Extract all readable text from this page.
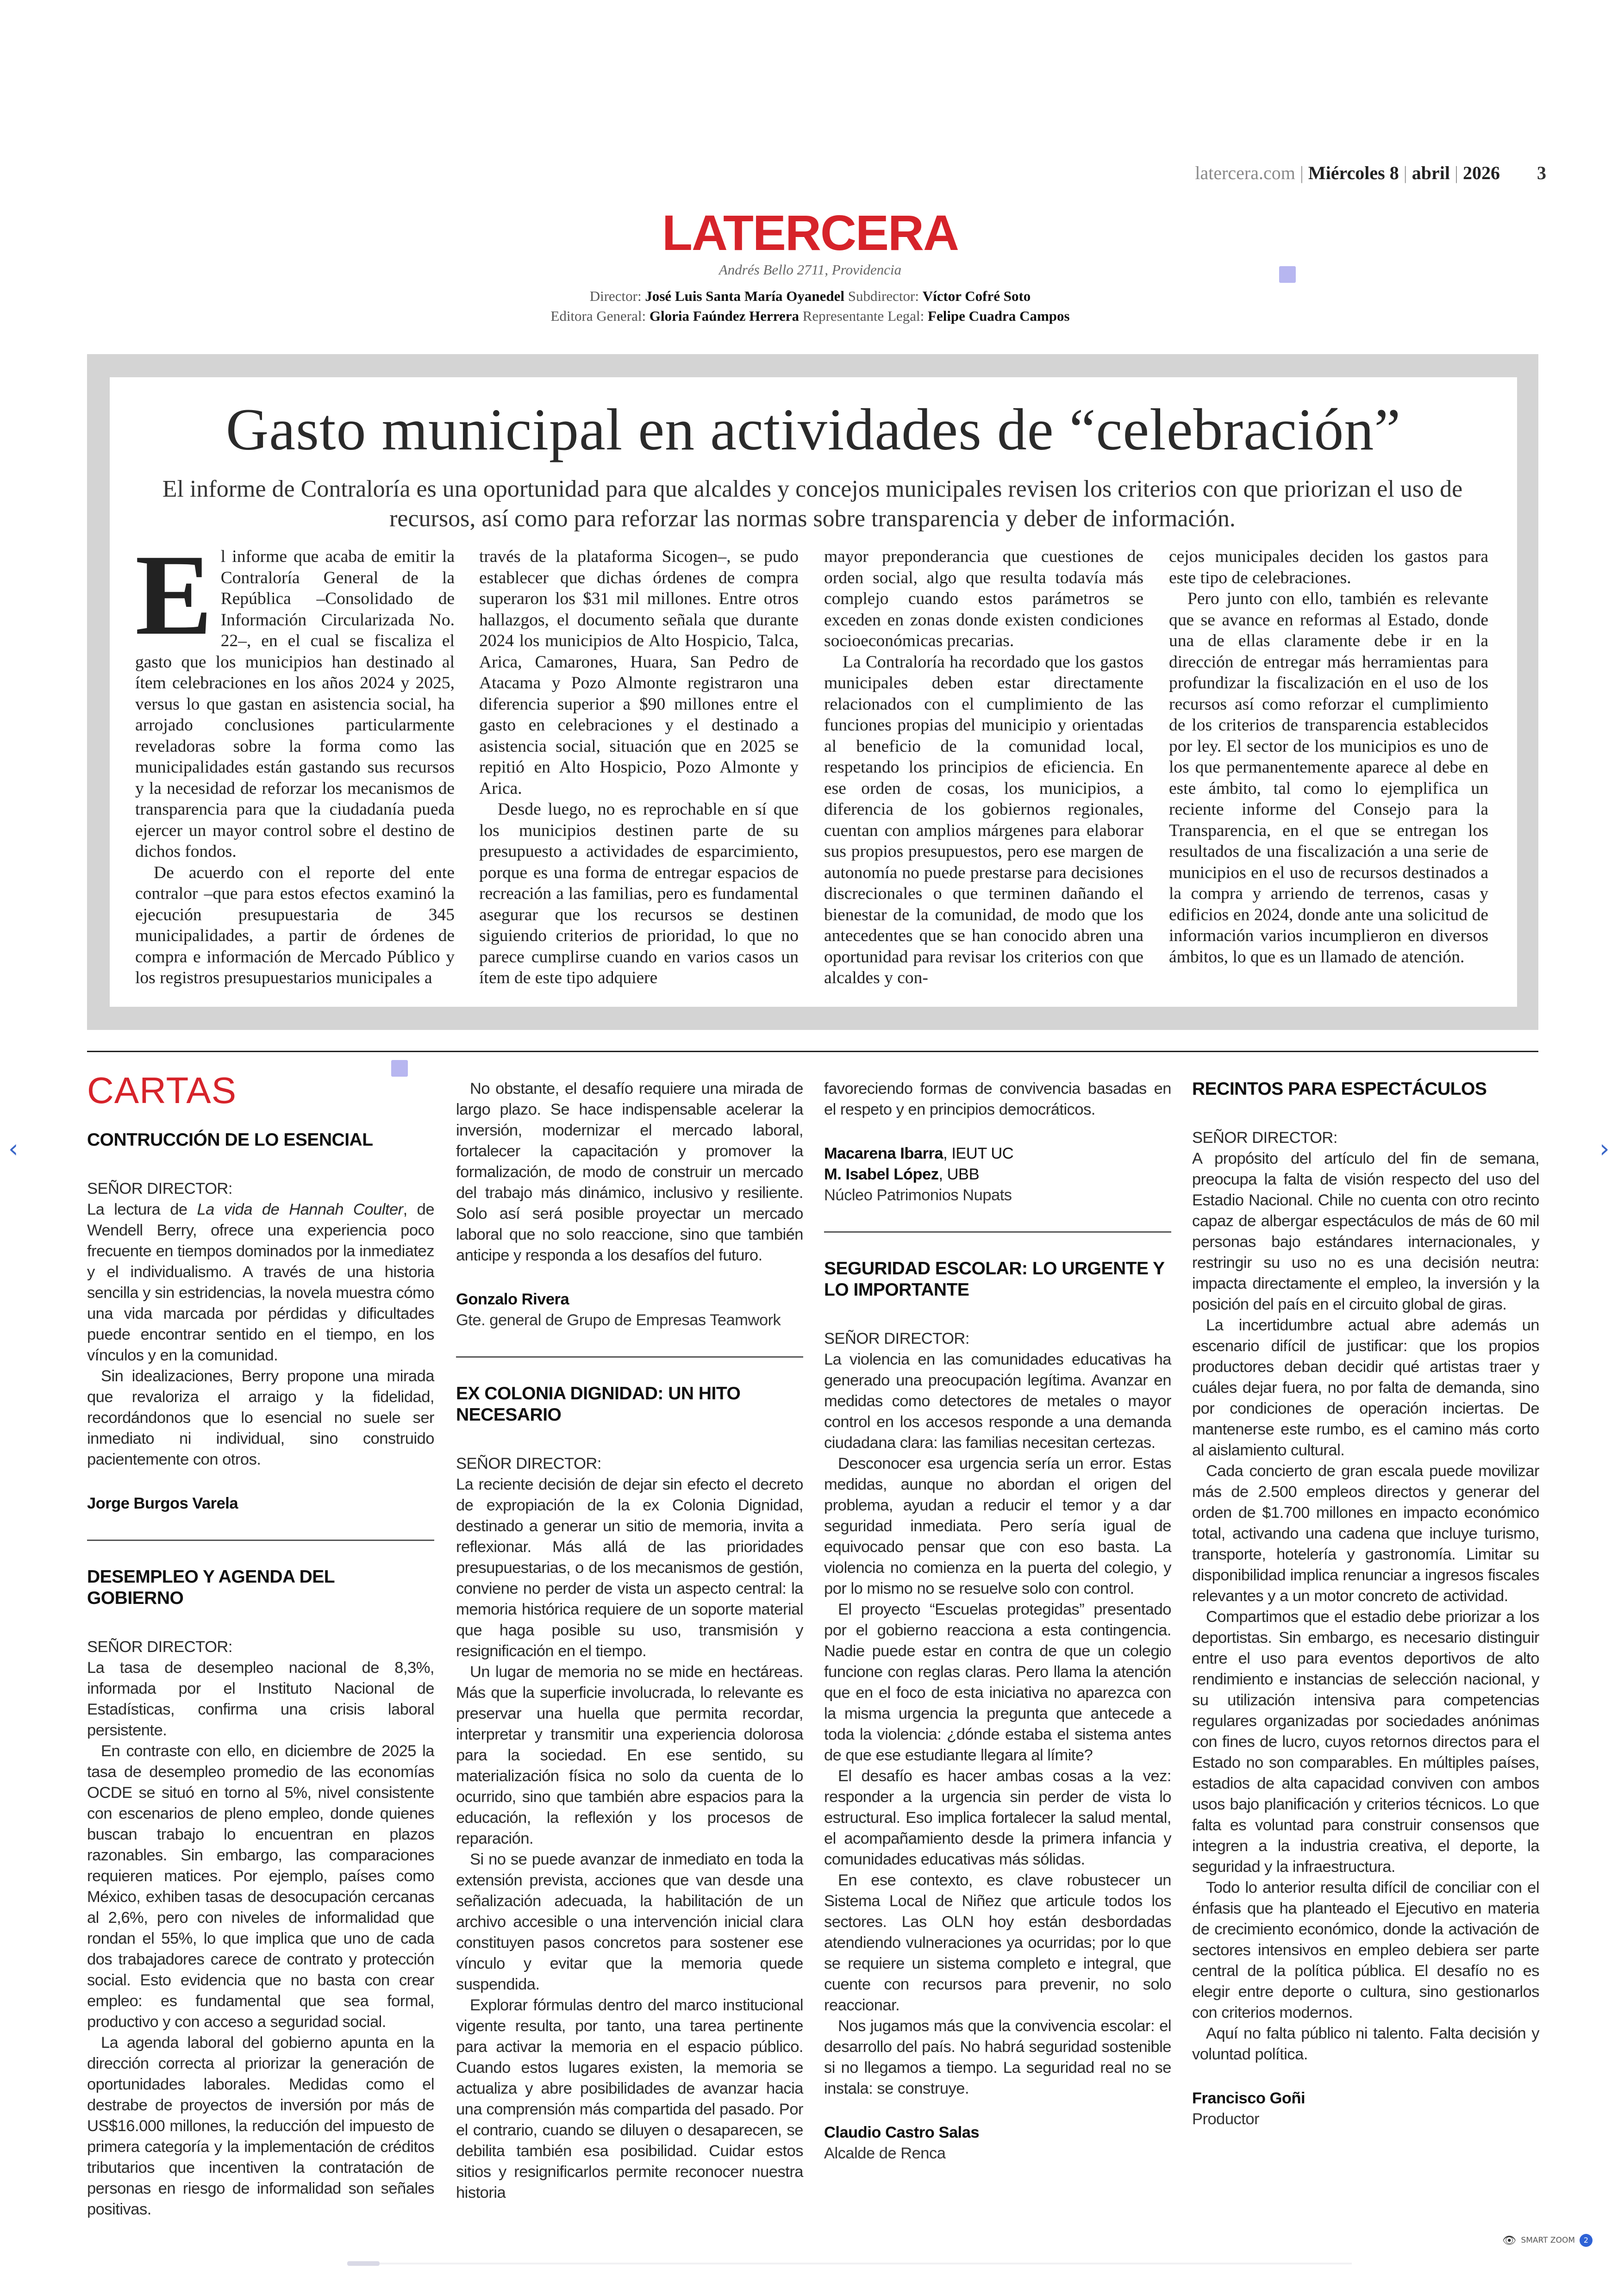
latercera.com | Miércoles 8 | abril | 2026 3
LATERCERA
Andrés Bello 2711, Providencia
Director: José Luis Santa María Oyanedel Subdirector: Víctor Cofré Soto
Editora General: Gloria Faúndez Herrera Representante Legal: Felipe Cuadra Campos
Gasto municipal en actividades de “celebración”
El informe de Contraloría es una oportunidad para que alcaldes y concejos municipales revisen los criterios con que priorizan el uso de recursos, así como para reforzar las normas sobre transparencia y deber de información.

El informe que acaba de emitir la Contraloría General de la República –Consolidado de Información Circularizada No. 22–, en el cual se fiscaliza el gasto que los municipios han destinado al ítem celebraciones en los años 2024 y 2025, versus lo que gastan en asistencia social, ha arrojado conclusiones particularmente reveladoras sobre la forma como las municipalidades están gastando sus recursos y la necesidad de reforzar los mecanismos de transparencia para que la ciudadanía pueda ejercer un mayor control sobre el destino de dichos fondos.

De acuerdo con el reporte del ente contralor –que para estos efectos examinó la ejecución presupuestaria de 345 municipalidades, a partir de órdenes de compra e información de Mercado Público y los registros presupuestarios municipales a

través de la plataforma Sicogen–, se pudo establecer que dichas órdenes de compra superaron los $31 mil millones. Entre otros hallazgos, el documento señala que durante 2024 los municipios de Alto Hospicio, Talca, Arica, Camarones, Huara, San Pedro de Atacama y Pozo Almonte registraron una diferencia superior a $90 millones entre el gasto en celebraciones y el destinado a asistencia social, situación que en 2025 se repitió en Alto Hospicio, Pozo Almonte y Arica.

Desde luego, no es reprochable en sí que los municipios destinen parte de su presupuesto a actividades de esparcimiento, porque es una forma de entregar espacios de recreación a las familias, pero es fundamental asegurar que los recursos se destinen siguiendo criterios de prioridad, lo que no parece cumplirse cuando en varios casos un ítem de este tipo adquiere

mayor preponderancia que cuestiones de orden social, algo que resulta todavía más complejo cuando estos parámetros se exceden en zonas donde existen condiciones socioeconómicas precarias.

La Contraloría ha recordado que los gastos municipales deben estar directamente relacionados con el cumplimiento de las funciones propias del municipio y orientadas al beneficio de la comunidad local, respetando los principios de eficiencia. En ese orden de cosas, los municipios, a diferencia de los gobiernos regionales, cuentan con amplios márgenes para elaborar sus propios presupuestos, pero ese margen de autonomía no puede prestarse para decisiones discrecionales o que terminen dañando el bienestar de la comunidad, de modo que los antecedentes que se han conocido abren una oportunidad para revisar los criterios con que alcaldes y con-

cejos municipales deciden los gastos para este tipo de celebraciones.

Pero junto con ello, también es relevante que se avance en reformas al Estado, donde una de ellas claramente debe ir en la dirección de entregar más herramientas para profundizar la fiscalización en el uso de los recursos así como reforzar el cumplimiento de los criterios de transparencia establecidos por ley. El sector de los municipios es uno de los que permanentemente aparece al debe en este ámbito, tal como lo ejemplifica un reciente informe del Consejo para la Transparencia, en el que se entregan los resultados de una fiscalización a una serie de municipios en el uso de recursos destinados a la compra y arriendo de terrenos, casas y edificios en 2024, donde ante una solicitud de información varios incumplieron en diversos ámbitos, lo que es un llamado de atención.

CARTAS
CONTRUCCIÓN DE LO ESENCIAL

SEÑOR DIRECTOR:

La lectura de La vida de Hannah Coulter, de Wendell Berry, ofrece una experiencia poco frecuente en tiempos dominados por la inmediatez y el individualismo. A través de una historia sencilla y sin estridencias, la novela muestra cómo una vida marcada por pérdidas y dificultades puede encontrar sentido en el tiempo, en los vínculos y en la comunidad.

Sin idealizaciones, Berry propone una mirada que revaloriza el arraigo y la fidelidad, recordándonos que lo esencial no suele ser inmediato ni individual, sino construido pacientemente con otros.

Jorge Burgos Varela

DESEMPLEO Y AGENDA DEL GOBIERNO

SEÑOR DIRECTOR:

La tasa de desempleo nacional de 8,3%, informada por el Instituto Nacional de Estadísticas, confirma una crisis laboral persistente.

En contraste con ello, en diciembre de 2025 la tasa de desempleo promedio de las economías OCDE se situó en torno al 5%, nivel consistente con escenarios de pleno empleo, donde quienes buscan trabajo lo encuentran en plazos razonables. Sin embargo, las comparaciones requieren matices. Por ejemplo, países como México, exhiben tasas de desocupación cercanas al 2,6%, pero con niveles de informalidad que rondan el 55%, lo que implica que uno de cada dos trabajadores carece de contrato y protección social. Esto evidencia que no basta con crear empleo: es fundamental que sea formal, productivo y con acceso a seguridad social.

La agenda laboral del gobierno apunta en la dirección correcta al priorizar la generación de oportunidades laborales. Medidas como el destrabe de proyectos de inversión por más de US$16.000 millones, la reducción del impuesto de primera categoría y la implementación de créditos tributarios que incentiven la contratación de personas en riesgo de informalidad son señales positivas.

No obstante, el desafío requiere una mirada de largo plazo. Se hace indispensable acelerar la inversión, modernizar el mercado laboral, fortalecer la capacitación y promover la formalización, de modo de construir un mercado del trabajo más dinámico, inclusivo y resiliente. Solo así será posible proyectar un mercado laboral que no solo reaccione, sino que también anticipe y responda a los desafíos del futuro.

Gonzalo Rivera

Gte. general de Grupo de Empresas Teamwork

EX COLONIA DIGNIDAD: UN HITO NECESARIO

SEÑOR DIRECTOR:

La reciente decisión de dejar sin efecto el decreto de expropiación de la ex Colonia Dignidad, destinado a generar un sitio de memoria, invita a reflexionar. Más allá de las prioridades presupuestarias, o de los mecanismos de gestión, conviene no perder de vista un aspecto central: la memoria histórica requiere de un soporte material que haga posible su uso, transmisión y resignificación en el tiempo.

Un lugar de memoria no se mide en hectáreas. Más que la superficie involucrada, lo relevante es preservar una huella que permita recordar, interpretar y transmitir una experiencia dolorosa para la sociedad. En ese sentido, su materialización física no solo da cuenta de lo ocurrido, sino que también abre espacios para la educación, la reflexión y los procesos de reparación.

Si no se puede avanzar de inmediato en toda la extensión prevista, acciones que van desde una señalización adecuada, la habilitación de un archivo accesible o una intervención inicial clara constituyen pasos concretos para sostener ese vínculo y evitar que la memoria quede suspendida.

Explorar fórmulas dentro del marco institucional vigente resulta, por tanto, una tarea pertinente para activar la memoria en el espacio público. Cuando estos lugares existen, la memoria se actualiza y abre posibilidades de avanzar hacia una comprensión más compartida del pasado. Por el contrario, cuando se diluyen o desaparecen, se debilita también esa posibilidad. Cuidar estos sitios y resignificarlos permite reconocer nuestra historia

favoreciendo formas de convivencia basadas en el respeto y en principios democráticos.

Macarena Ibarra, IEUT UC

M. Isabel López, UBB

Núcleo Patrimonios Nupats

SEGURIDAD ESCOLAR: LO URGENTE Y LO IMPORTANTE

SEÑOR DIRECTOR:

La violencia en las comunidades educativas ha generado una preocupación legítima. Avanzar en medidas como detectores de metales o mayor control en los accesos responde a una demanda ciudadana clara: las familias necesitan certezas.

Desconocer esa urgencia sería un error. Estas medidas, aunque no abordan el origen del problema, ayudan a reducir el temor y a dar seguridad inmediata. Pero sería igual de equivocado pensar que con eso basta. La violencia no comienza en la puerta del colegio, y por lo mismo no se resuelve solo con control.

El proyecto “Escuelas protegidas” presentado por el gobierno reacciona a esta contingencia. Nadie puede estar en contra de que un colegio funcione con reglas claras. Pero llama la atención que en el foco de esta iniciativa no aparezca con la misma urgencia la pregunta que antecede a toda la violencia: ¿dónde estaba el sistema antes de que ese estudiante llegara al límite?

El desafío es hacer ambas cosas a la vez: responder a la urgencia sin perder de vista lo estructural. Eso implica fortalecer la salud mental, el acompañamiento desde la primera infancia y comunidades educativas más sólidas.

En ese contexto, es clave robustecer un Sistema Local de Niñez que articule todos los sectores. Las OLN hoy están desbordadas atendiendo vulneraciones ya ocurridas; por lo que se requiere un sistema completo e integral, que cuente con recursos para prevenir, no solo reaccionar.

Nos jugamos más que la convivencia escolar: el desarrollo del país. No habrá seguridad sostenible si no llegamos a tiempo. La seguridad real no se instala: se construye.

Claudio Castro Salas

Alcalde de Renca

RECINTOS PARA ESPECTÁCULOS

SEÑOR DIRECTOR:

A propósito del artículo del fin de semana, preocupa la falta de visión respecto del uso del Estadio Nacional. Chile no cuenta con otro recinto capaz de albergar espectáculos de más de 60 mil personas bajo estándares internacionales, y restringir su uso no es una decisión neutra: impacta directamente el empleo, la inversión y la posición del país en el circuito global de giras.

La incertidumbre actual abre además un escenario difícil de justificar: que los propios productores deban decidir qué artistas traer y cuáles dejar fuera, no por falta de demanda, sino por condiciones de operación inciertas. De mantenerse este rumbo, es el camino más corto al aislamiento cultural.

Cada concierto de gran escala puede movilizar más de 2.500 empleos directos y generar del orden de $1.700 millones en impacto económico total, activando una cadena que incluye turismo, transporte, hotelería y gastronomía. Limitar su disponibilidad implica renunciar a ingresos fiscales relevantes y a un motor concreto de actividad.

Compartimos que el estadio debe priorizar a los deportistas. Sin embargo, es necesario distinguir entre el uso para eventos deportivos de alto rendimiento e instancias de selección nacional, y su utilización intensiva para competencias regulares organizadas por sociedades anónimas con fines de lucro, cuyos retornos directos para el Estado no son comparables. En múltiples países, estadios de alta capacidad conviven con ambos usos bajo planificación y criterios técnicos. Lo que falta es voluntad para construir consensos que integren a la industria creativa, el deporte, la seguridad y la infraestructura.

Todo lo anterior resulta difícil de conciliar con el énfasis que ha planteado el Ejecutivo en materia de crecimiento económico, donde la activación de sectores intensivos en empleo debiera ser parte central de la política pública. El desafío no es elegir entre deporte o cultura, sino gestionarlos con criterios modernos.

Aquí no falta público ni talento. Falta decisión y voluntad política.

Francisco Goñi

Productor

‹	›
👁 SMART ZOOM	2
